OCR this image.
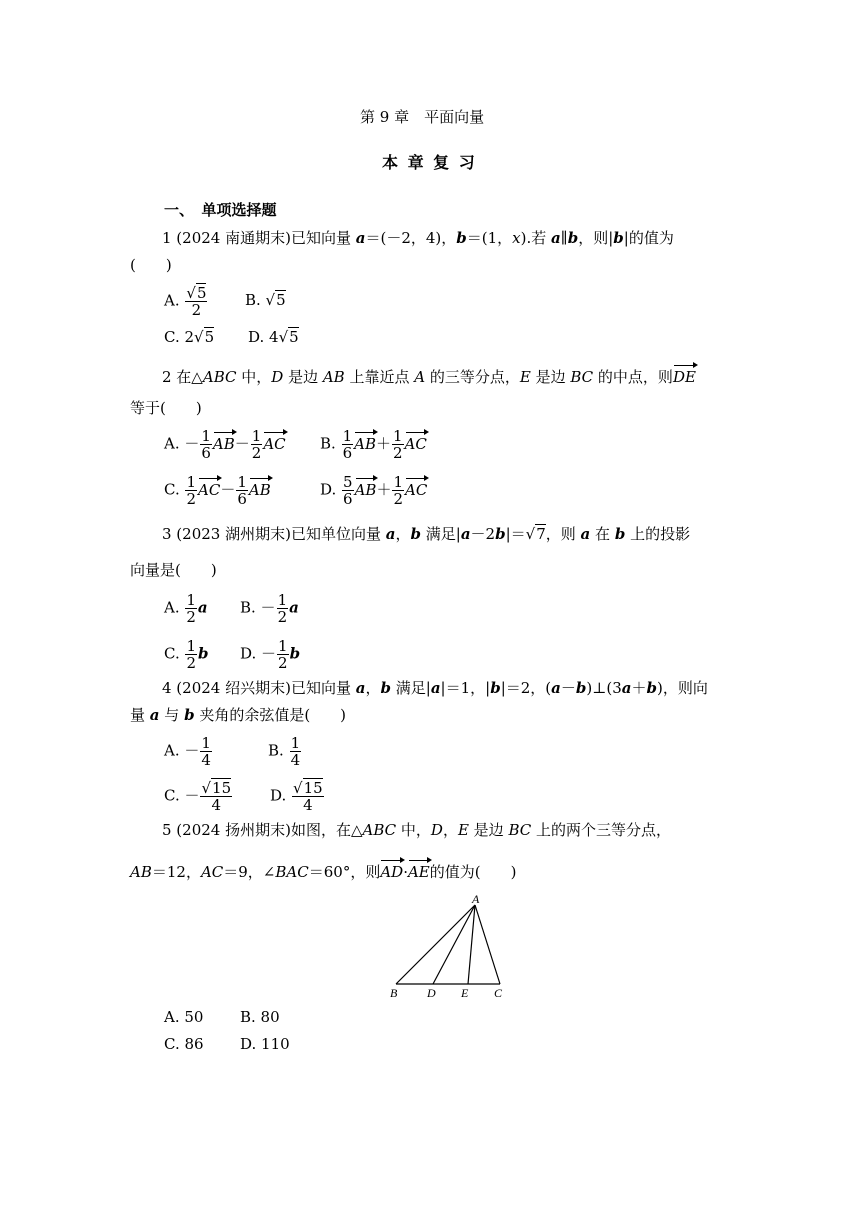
第 9 章　平面向量
本 章 复 习
一、　单项选择题
1 (2024 南通期末)已知向量 a＝(－2，4)，b＝(1，x).若 a∥b，则|b|的值为
(　　)
A. $\frac{√5}{2}$	B. √5
C. 2√5 D. 4√5
2 在△ABC 中，D 是边 AB 上靠近点 A 的三等分点，E 是边 BC 的中点，则DE
等于(　　)
A. － $\frac{1}{6} AB- \frac{1}{2}$ AC B. $\frac{1}{6} AB+ \frac{1}{2}$ AC
C. $\frac{1}{2} AC- \frac{1}{6}$ AB	D. $\frac{5}{6} AB+ \frac{1}{2}$ AC
3 (2023 湖州期末)已知单位向量 a，b 满足|a－2b|＝√7，则 a 在 b 上的投影
向量是(　　)
A. $\frac{1}{2}$ a B. － $\frac{1}{2}$ a
C. $\frac{1}{2}$ b D. － $\frac{1}{2}$ b
4 (2024 绍兴期末)已知向量 a，b 满足|a|＝1，|b|＝2，(a－b)⊥(3a＋b)，则向
量 a 与 b 夹角的余弦值是(　　)
A. － $\frac{1}{4}$	B. $\frac{1}{4}$
C. － $\frac{√15}{4}$	D. $\frac{√15}{4}$
5 (2024 扬州期末)如图，在△ABC 中，D，E 是边 BC 上的两个三等分点，
AB＝12，AC＝9，∠BAC＝60°，则AD·AE的值为(　　)
A
B D E C
A. 50 B. 80
C. 86 D. 110
